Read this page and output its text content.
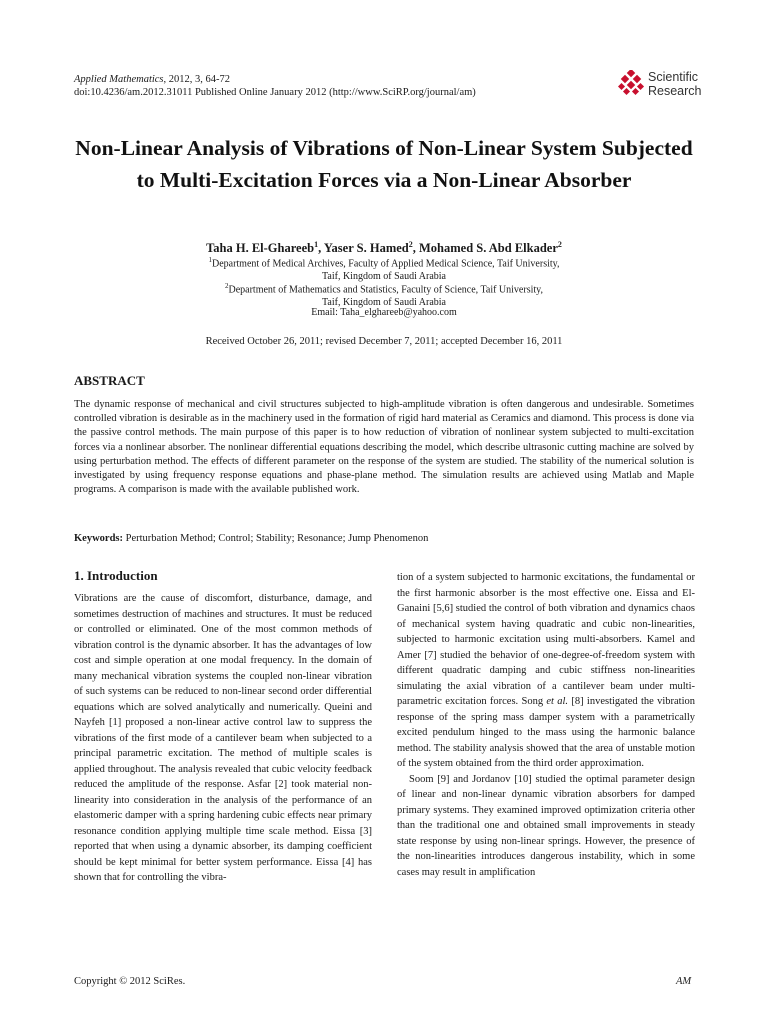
Applied Mathematics, 2012, 3, 64-72
doi:10.4236/am.2012.31011 Published Online January 2012 (http://www.SciRP.org/journal/am)
Scientific
Research
Non-Linear Analysis of Vibrations of Non-Linear System Subjected to Multi-Excitation Forces via a Non-Linear Absorber
Taha H. El-Ghareeb$^1$, Yaser S. Hamed$^2$, Mohamed S. Abd Elkader$^2$
$^1$Department of Medical Archives, Faculty of Applied Medical Science, Taif University,
Taif, Kingdom of Saudi Arabia
$^2$Department of Mathematics and Statistics, Faculty of Science, Taif University,
Taif, Kingdom of Saudi Arabia
Email: Taha_elghareeb@yahoo.com
Received October 26, 2011; revised December 7, 2011; accepted December 16, 2011
ABSTRACT
The dynamic response of mechanical and civil structures subjected to high-amplitude vibration is often dangerous and undesirable. Sometimes controlled vibration is desirable as in the machinery used in the formation of rigid hard material as Ceramics and diamond. This process is done via the passive control methods. The main purpose of this paper is to how reduction of vibration of nonlinear system subjected to multi-excitation forces via a nonlinear absorber. The nonlinear differential equations describing the model, which describe ultrasonic cutting machine are solved by using perturbation method. The effects of different parameter on the response of the system are studied. The stability of the numerical solution is investigated by using frequency response equations and phase-plane method. The simulation results are achieved using Matlab and Maple programs. A comparison is made with the available published work.
Keywords: Perturbation Method; Control; Stability; Resonance; Jump Phenomenon
1. Introduction
Vibrations are the cause of discomfort, disturbance, damage, and sometimes destruction of machines and structures. It must be reduced or controlled or eliminated. One of the most common methods of vibration control is the dynamic absorber. It has the advantages of low cost and simple operation at one modal frequency. In the domain of many mechanical vibration systems the coupled non-linear vibration of such systems can be reduced to non-linear second order differential equations which are solved analytically and numerically. Queini and Nayfeh [1] proposed a non-linear active control law to suppress the vibrations of the first mode of a cantilever beam when subjected to a principal parametric excitation. The method of multiple scales is applied throughout. The analysis revealed that cubic velocity feedback reduced the amplitude of the response. Asfar [2] took material non-linearity into consideration in the analysis of the performance of an elastomeric damper with a spring hardening cubic effects near primary resonance condition applying multiple time scale method. Eissa [3] reported that when using a dynamic absorber, its damping coefficient should be kept minimal for better system performance. Eissa [4] has shown that for controlling the vibra-
tion of a system subjected to harmonic excitations, the fundamental or the first harmonic absorber is the most effective one. Eissa and El-Ganaini [5,6] studied the control of both vibration and dynamics chaos of mechanical system having quadratic and cubic non-linearities, subjected to harmonic excitation using multi-absorbers. Kamel and Amer [7] studied the behavior of one-degree-of-freedom system with different quadratic damping and cubic stiffness non-linearities simulating the axial vibration of a cantilever beam under multi-parametric excitation forces. Song et al. [8] investigated the vibration response of the spring mass damper system with a parametrically excited pendulum hinged to the mass using the harmonic balance method. The stability analysis showed that the area of unstable motion of the system obtained from the third order approximation.
Soom [9] and Jordanov [10] studied the optimal parameter design of linear and non-linear dynamic vibration absorbers for damped primary systems. They examined improved optimization criteria other than the traditional one and obtained small improvements in steady state response by using non-linear springs. However, the presence of the non-linearities introduces dangerous instability, which in some cases may result in amplification
Copyright © 2012 SciRes.	AM
